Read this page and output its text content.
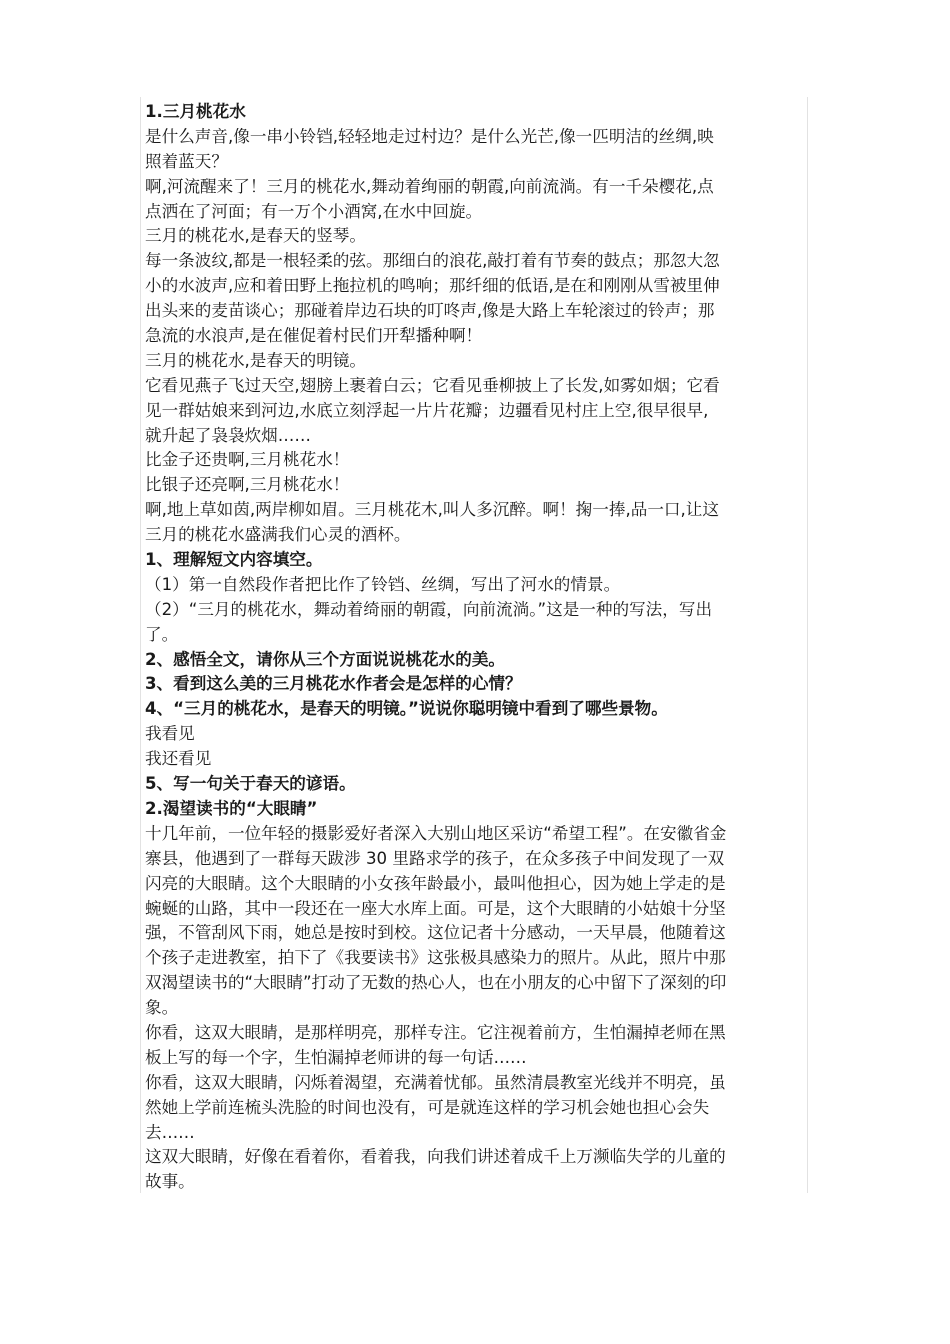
1.三月桃花水
是什么声音,像一串小铃铛,轻轻地走过村边？是什么光芒,像一匹明洁的丝绸,映
照着蓝天？
啊,河流醒来了！三月的桃花水,舞动着绚丽的朝霞,向前流淌。有一千朵樱花,点
点洒在了河面；有一万个小酒窝,在水中回旋。
三月的桃花水,是春天的竖琴。
每一条波纹,都是一根轻柔的弦。那细白的浪花,敲打着有节奏的鼓点；那忽大忽
小的水波声,应和着田野上拖拉机的鸣响；那纤细的低语,是在和刚刚从雪被里伸
出头来的麦苗谈心；那碰着岸边石块的叮咚声,像是大路上车轮滚过的铃声；那
急流的水浪声,是在催促着村民们开犁播种啊！
三月的桃花水,是春天的明镜。
它看见燕子飞过天空,翅膀上裹着白云；它看见垂柳披上了长发,如雾如烟；它看
见一群姑娘来到河边,水底立刻浮起一片片花瓣；边疆看见村庄上空,很早很早,
就升起了袅袅炊烟……
比金子还贵啊,三月桃花水！
比银子还亮啊,三月桃花水！
啊,地上草如茵,两岸柳如眉。三月桃花木,叫人多沉醉。啊！掬一捧,品一口,让这
三月的桃花水盛满我们心灵的酒杯。
1、理解短文内容填空。
（1）第一自然段作者把比作了铃铛、丝绸，写出了河水的情景。
（2）“三月的桃花水，舞动着绮丽的朝霞，向前流淌。”这是一种的写法，写出
了。
2、感悟全文，请你从三个方面说说桃花水的美。
3、看到这么美的三月桃花水作者会是怎样的心情？
4、“三月的桃花水，是春天的明镜。”说说你聪明镜中看到了哪些景物。
我看见
我还看见
5、写一句关于春天的谚语。
2.渴望读书的“大眼睛”
十几年前，一位年轻的摄影爱好者深入大别山地区采访“希望工程”。在安徽省金
寨县，他遇到了一群每天跋涉 30 里路求学的孩子，在众多孩子中间发现了一双
闪亮的大眼睛。这个大眼睛的小女孩年龄最小，最叫他担心，因为她上学走的是
蜿蜒的山路，其中一段还在一座大水库上面。可是，这个大眼睛的小姑娘十分坚
强，不管刮风下雨，她总是按时到校。这位记者十分感动，一天早晨，他随着这
个孩子走进教室，拍下了《我要读书》这张极具感染力的照片。从此，照片中那
双渴望读书的“大眼睛”打动了无数的热心人，也在小朋友的心中留下了深刻的印
象。
你看，这双大眼睛，是那样明亮，那样专注。它注视着前方，生怕漏掉老师在黑
板上写的每一个字，生怕漏掉老师讲的每一句话……
你看，这双大眼睛，闪烁着渴望，充满着忧郁。虽然清晨教室光线并不明亮，虽
然她上学前连梳头洗脸的时间也没有，可是就连这样的学习机会她也担心会失
去……
这双大眼睛，好像在看着你，看着我，向我们讲述着成千上万濒临失学的儿童的
故事。
